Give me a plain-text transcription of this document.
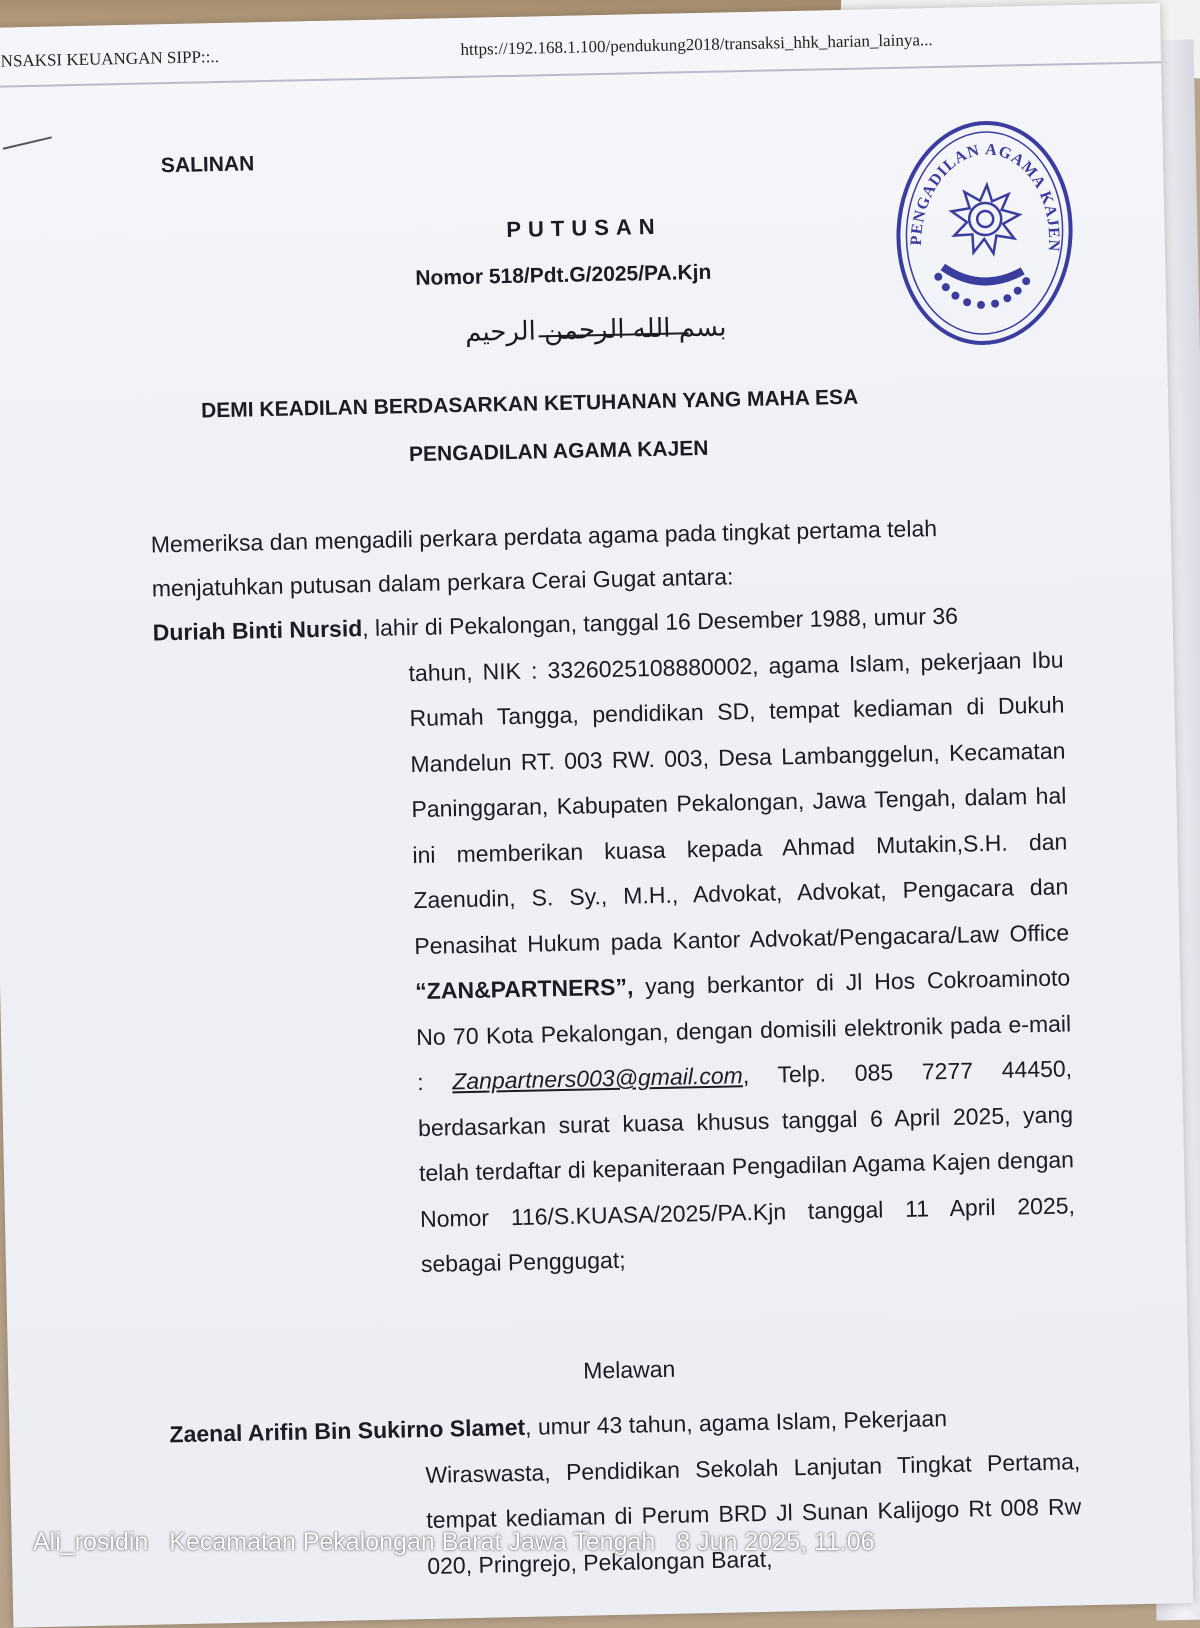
NSAKSI KEUANGAN SIPP::..	https://192.168.1.100/pendukung2018/transaksi_hhk_harian_lainya...
SALINAN
PUTUSAN
Nomor 518/Pdt.G/2025/PA.Kjn
بسم الله الرحمن الرحيم
DEMI KEADILAN BERDASARKAN KETUHANAN YANG MAHA ESA
PENGADILAN AGAMA KAJEN

Memeriksa dan mengadili perkara perdata agama pada tingkat pertama telah

menjatuhkan putusan dalam perkara Cerai Gugat antara:

Duriah Binti Nursid, lahir di Pekalongan, tanggal 16 Desember 1988, umur 36
tahun, NIK : 3326025108880002, agama Islam, pekerjaan Ibu Rumah Tangga, pendidikan SD, tempat kediaman di Dukuh Mandelun RT. 003 RW. 003, Desa Lambanggelun, Kecamatan Paninggaran, Kabupaten Pekalongan, Jawa Tengah, dalam hal ini memberikan kuasa kepada Ahmad Mutakin,S.H. dan Zaenudin, S. Sy., M.H., Advokat, Advokat, Pengacara dan Penasihat Hukum pada Kantor Advokat/Pengacara/Law Office “ZAN&PARTNERS”, yang berkantor di Jl Hos Cokroaminoto No 70 Kota Pekalongan, dengan domisili elektronik pada e-mail : Zanpartners003@gmail.com, Telp. 085 7277 44450, berdasarkan surat kuasa khusus tanggal 6 April 2025, yang telah terdaftar di kepaniteraan Pengadilan Agama Kajen dengan Nomor 116/S.KUASA/2025/PA.Kjn tanggal 11 April 2025, sebagai Penggugat;
Melawan
Zaenal Arifin Bin Sukirno Slamet, umur 43 tahun, agama Islam, Pekerjaan
Wiraswasta, Pendidikan Sekolah Lanjutan Tingkat Pertama, tempat kediaman di Perum BRD Jl Sunan Kalijogo Rt 008 Rw 020, Pringrejo, Pekalongan Barat,
PENGADILAN AGAMA KAJEN
Ali_rosidin Kecamatan Pekalongan Barat Jawa Tengah 8 Jun 2025, 11.06
